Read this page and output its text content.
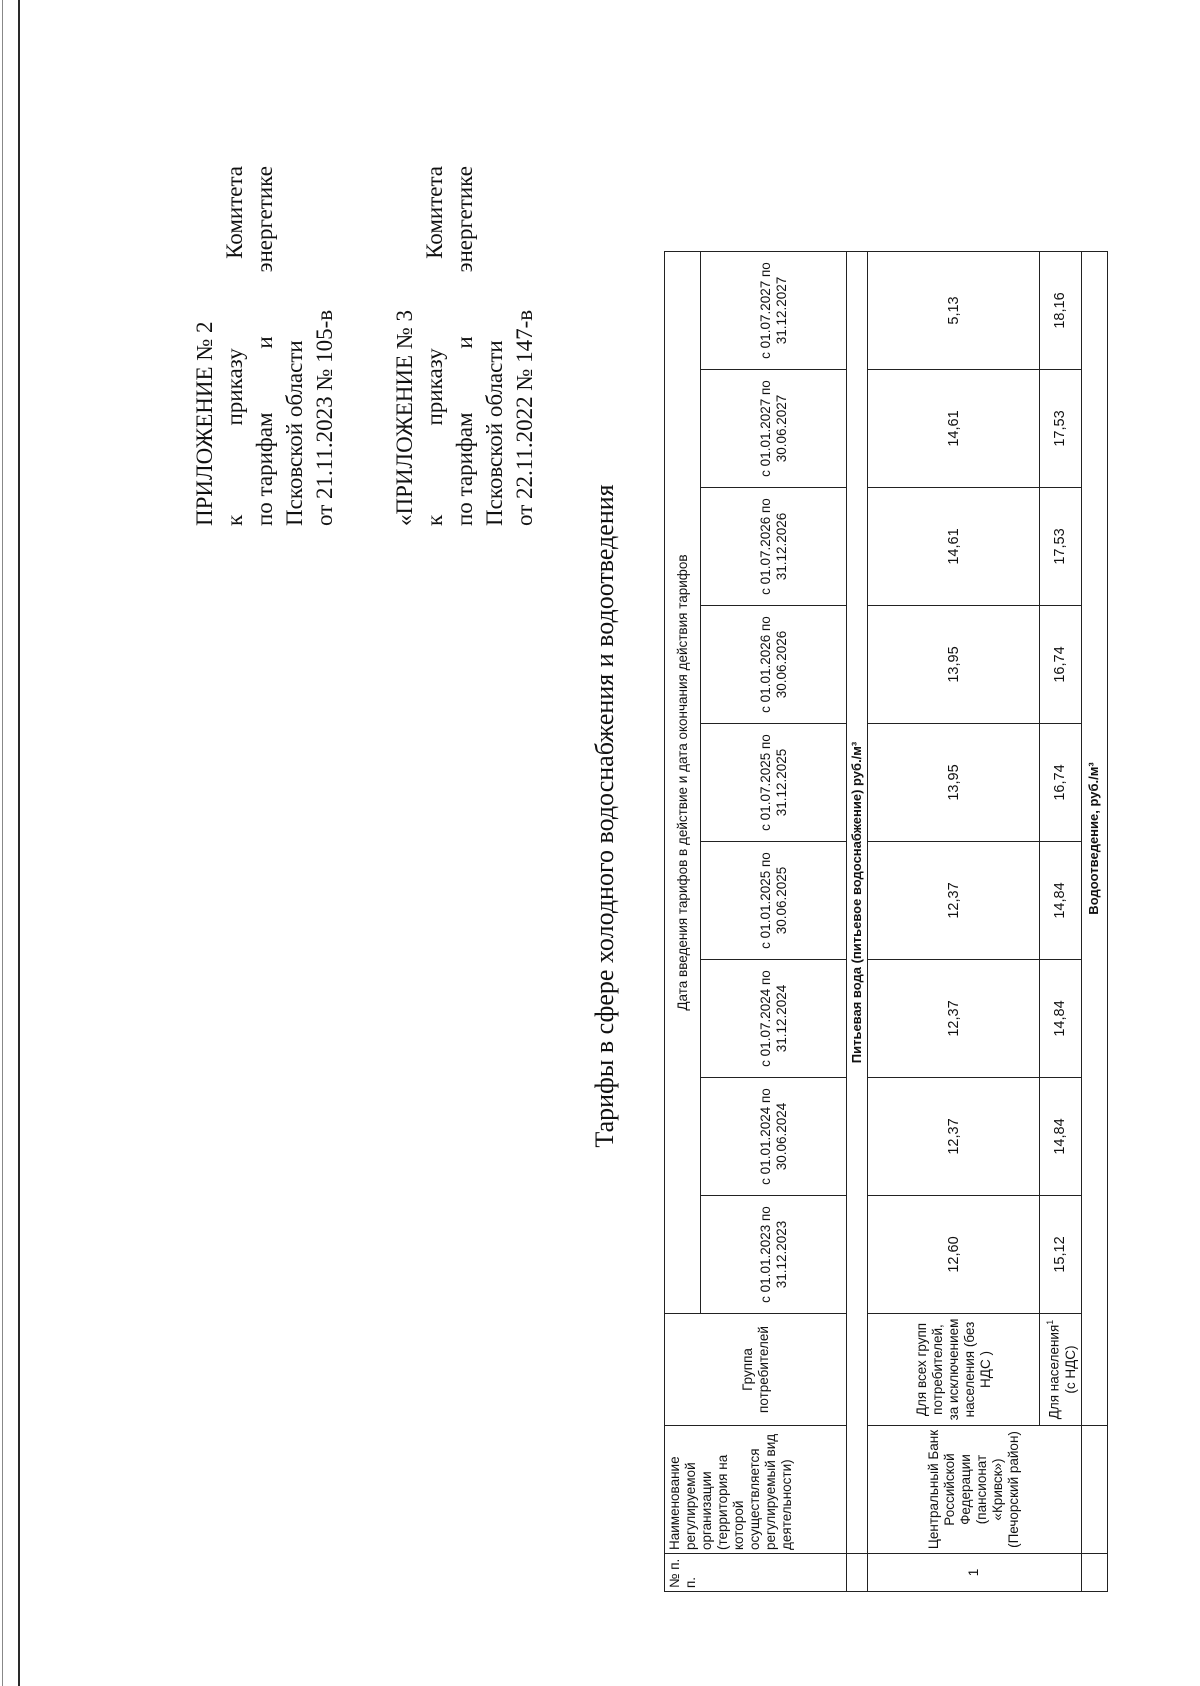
ПРИЛОЖЕНИЕ № 2 к
приказу
Комитета
по тарифам
и
энергетике
Псковской области от 21.11.2023 № 105-в «ПРИЛОЖЕНИЕ № 3 к
приказу
Комитета
по тарифам
и
энергетике
Псковской области от 22.11.2022 № 147-в
Тарифы в сфере холодного водоснабжения и водоотведения
№ п. п.	Наименование регулируемой организации (территория на которой осуществляется регулируемый вид деятельности)	Группа потребителей	Дата введения тарифов в действие и дата окончания действия тарифов								
			с 01.01.2023 по 31.12.2023	с 01.01.2024 по 30.06.2024	с 01.07.2024 по 31.12.2024	с 01.01.2025 по 30.06.2025	с 01.07.2025 по 31.12.2025	с 01.01.2026 по 30.06.2026	с 01.07.2026 по 31.12.2026	с 01.01.2027 по 30.06.2027	с 01.07.2027 по 31.12.2027
	Питьевая вода (питьевое водоснабжение) руб./м³										
1	Центральный Банк Российской Федерации (пансионат «Кривск») (Печорский район)	Для всех групп потребителей, за исключением населения (без НДС )	12,60	12,37	12,37	12,37	13,95	13,95	14,61	14,61	5,13
		Для населения$^1$ (с НДС)	15,12	14,84	14,84	14,84	16,74	16,74	17,53	17,53	18,16
		Водоотведение, руб./м³									
